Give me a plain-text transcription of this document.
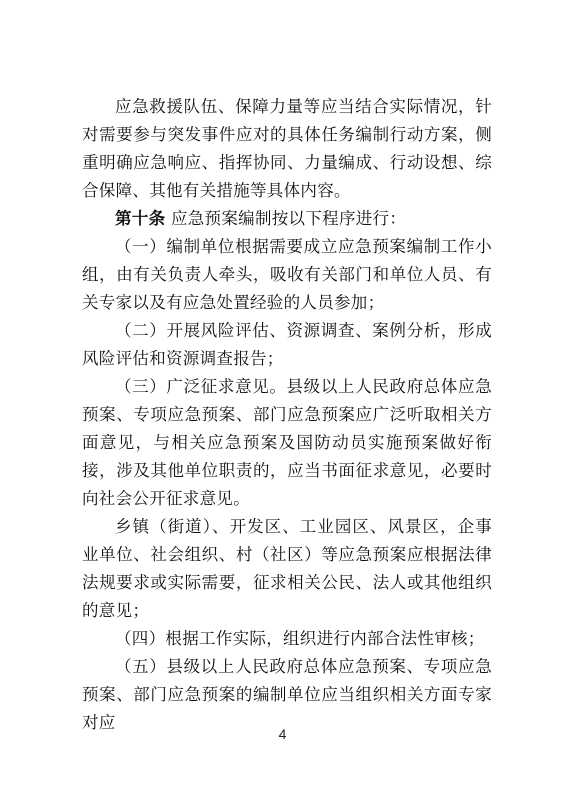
应急救援队伍、保障力量等应当结合实际情况，针对需要参与突发事件应对的具体任务编制行动方案，侧重明确应急响应、指挥协同、力量编成、行动设想、综合保障、其他有关措施等具体内容。

第十条 应急预案编制按以下程序进行：

（一）编制单位根据需要成立应急预案编制工作小组，由有关负责人牵头，吸收有关部门和单位人员、有关专家以及有应急处置经验的人员参加；

（二）开展风险评估、资源调查、案例分析，形成风险评估和资源调查报告；

（三）广泛征求意见。县级以上人民政府总体应急预案、专项应急预案、部门应急预案应广泛听取相关方面意见，与相关应急预案及国防动员实施预案做好衔接，涉及其他单位职责的，应当书面征求意见，必要时向社会公开征求意见。

乡镇（街道）、开发区、工业园区、风景区，企事业单位、社会组织、村（社区）等应急预案应根据法律法规要求或实际需要，征求相关公民、法人或其他组织的意见；

（四）根据工作实际，组织进行内部合法性审核；

（五）县级以上人民政府总体应急预案、专项应急预案、部门应急预案的编制单位应当组织相关方面专家对应

4
